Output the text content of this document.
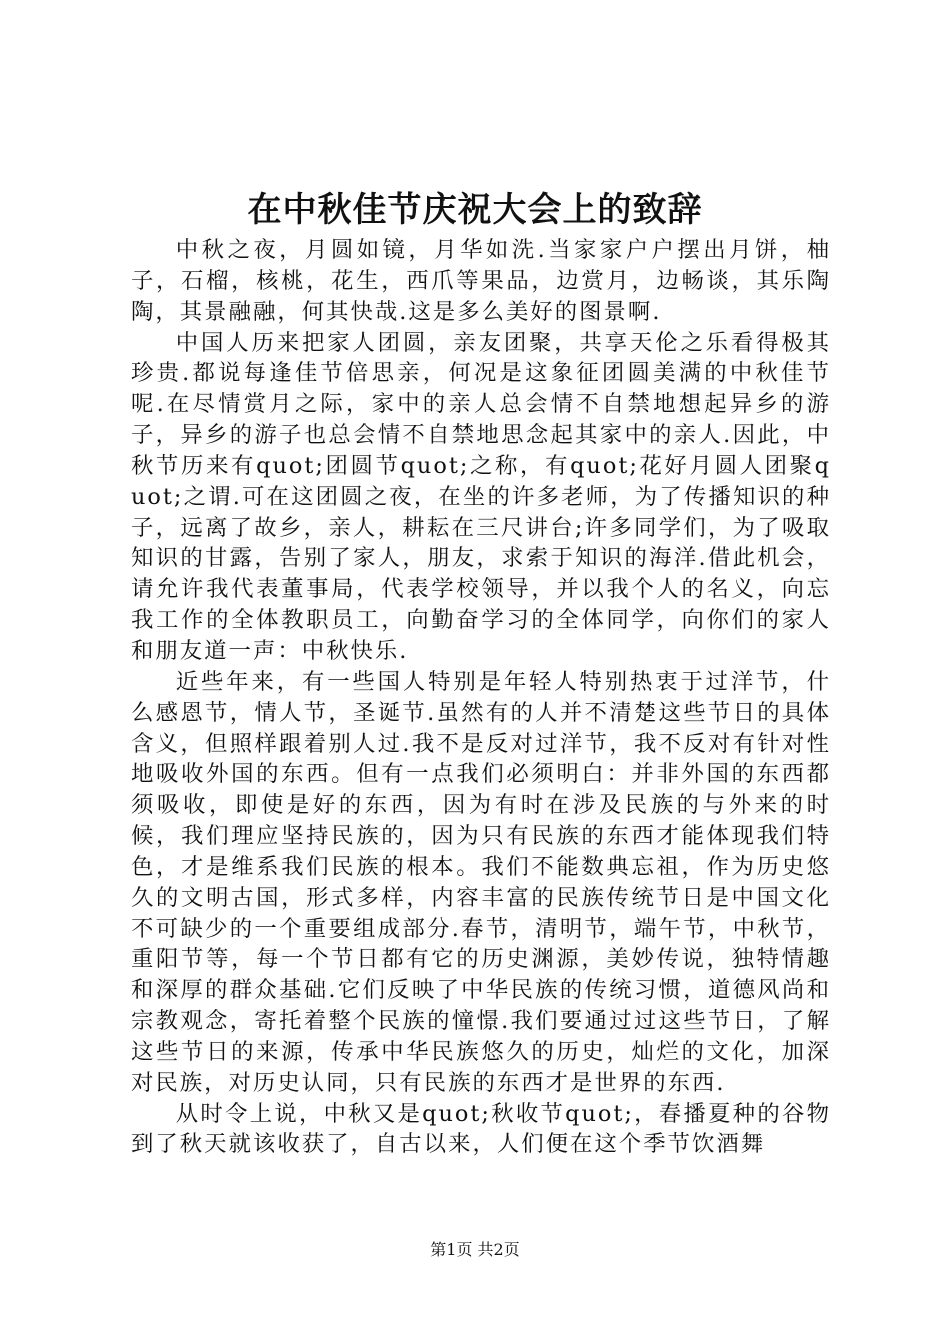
在中秋佳节庆祝大会上的致辞

中秋之夜，月圆如镜，月华如洗.当家家户户摆出月饼，柚子，石榴，核桃，花生，西爪等果品，边赏月，边畅谈，其乐陶陶，其景融融，何其快哉.这是多么美好的图景啊.

中国人历来把家人团圆，亲友团聚，共享天伦之乐看得极其珍贵.都说每逢佳节倍思亲，何况是这象征团圆美满的中秋佳节呢.在尽情赏月之际，家中的亲人总会情不自禁地想起异乡的游子，异乡的游子也总会情不自禁地思念起其家中的亲人.因此，中秋节历来有quot;团圆节quot;之称，有quot;花好月圆人团聚quot;之谓.可在这团圆之夜，在坐的许多老师，为了传播知识的种子，远离了故乡，亲人，耕耘在三尺讲台;许多同学们，为了吸取知识的甘露，告别了家人，朋友，求索于知识的海洋.借此机会，请允许我代表董事局，代表学校领导，并以我个人的名义，向忘我工作的全体教职员工，向勤奋学习的全体同学，向你们的家人和朋友道一声：中秋快乐.

近些年来，有一些国人特别是年轻人特别热衷于过洋节，什么感恩节，情人节，圣诞节.虽然有的人并不清楚这些节日的具体含义，但照样跟着别人过.我不是反对过洋节，我不反对有针对性地吸收外国的东西。但有一点我们必须明白：并非外国的东西都须吸收，即使是好的东西，因为有时在涉及民族的与外来的时候，我们理应坚持民族的，因为只有民族的东西才能体现我们特色，才是维系我们民族的根本。我们不能数典忘祖，作为历史悠久的文明古国，形式多样，内容丰富的民族传统节日是中国文化不可缺少的一个重要组成部分.春节，清明节，端午节，中秋节，重阳节等，每一个节日都有它的历史渊源，美妙传说，独特情趣和深厚的群众基础.它们反映了中华民族的传统习惯，道德风尚和宗教观念，寄托着整个民族的憧憬.我们要通过过这些节日，了解这些节日的来源，传承中华民族悠久的历史，灿烂的文化，加深对民族，对历史认同，只有民族的东西才是世界的东西.

从时令上说，中秋又是quot;秋收节quot;，春播夏种的谷物到了秋天就该收获了，自古以来，人们便在这个季节饮酒舞

第1页 共2页
